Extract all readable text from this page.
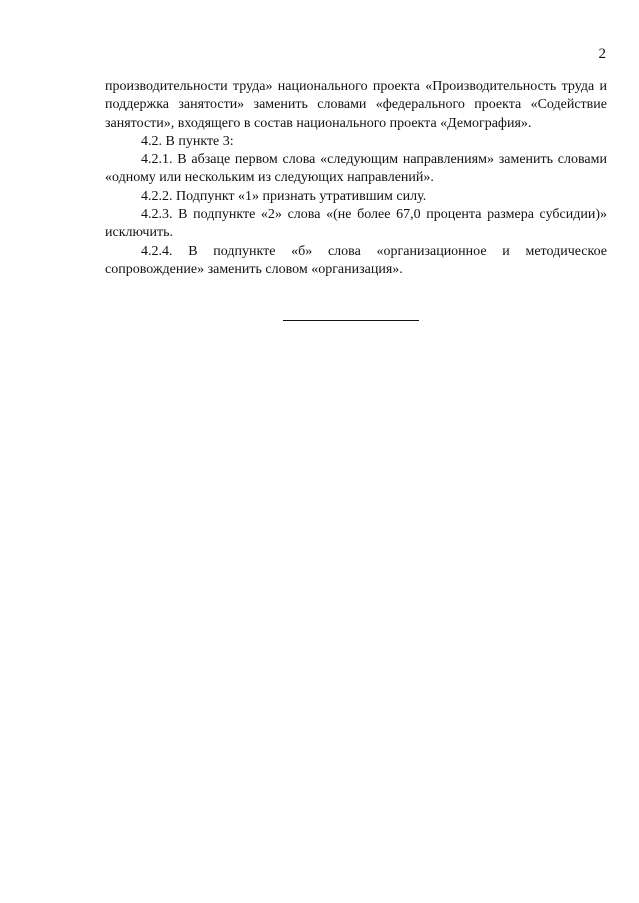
2

производительности труда» национального проекта «Производительность труда и поддержка занятости» заменить словами «федерального проекта «Содействие занятости», входящего в состав национального проекта «Демография».

4.2. В пункте 3:

4.2.1. В абзаце первом слова «следующим направлениям» заменить словами «одному или нескольким из следующих направлений».

4.2.2. Подпункт «1» признать утратившим силу.

4.2.3. В подпункте «2» слова «(не более 67,0 процента размера субсидии)» исключить.

4.2.4. В подпункте «б» слова «организационное и методическое сопровождение» заменить словом «организация».
